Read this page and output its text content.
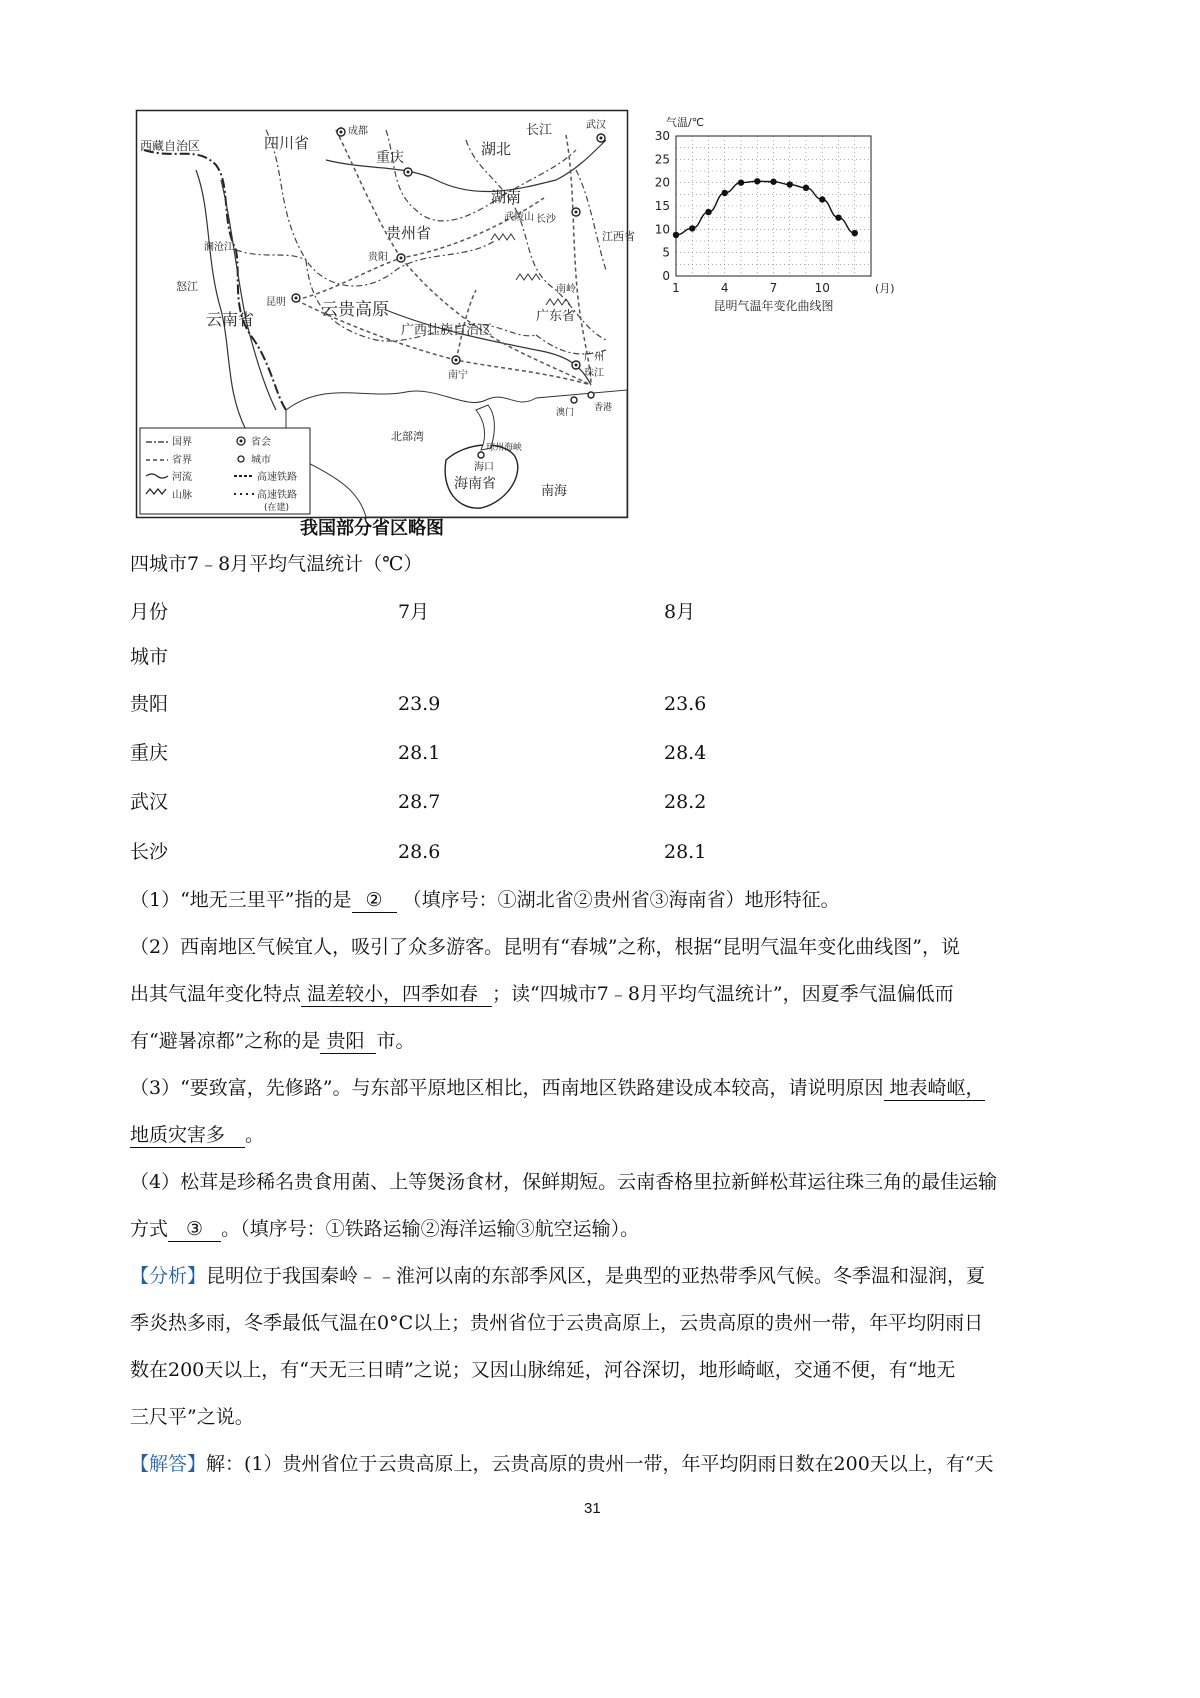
西藏自治区	四川省
成都
重庆	湖北
长江	武汉
湖南
长沙
贵州省
贵阳
云南省
昆明 云贵高原
广西壮族自治区
南宁
广东省
广州
珠江
澳门 香港
北部湾
海口
海南省
琼州海峡
南海
怒江
澜沧江
江西省
武陵山
南岭
国界	省会
省界	城市
河流	高速铁路
山脉	高速铁路
(在建)
我国部分省区略图
0
5
10
15
20
25
30
1	4	7	10
气温/℃
(月)
昆明气温年变化曲线图
四城市7﹣8月平均气温统计（℃）
月份	7月	8月
城市
贵阳	23.9	23.6
重庆	28.1	28.4
武汉	28.7	28.2
长沙	28.6	28.1
（1）“地无三里平”指的是 ② （填序号：①湖北省②贵州省③海南省）地形特征。
（2）西南地区气候宜人，吸引了众多游客。昆明有“春城”之称，根据“昆明气温年变化曲线图”，说
出其气温年变化特点 温差较小，四季如春 ；读“四城市7﹣8月平均气温统计”，因夏季气温偏低而
有“避暑凉都”之称的是 贵阳 市。
（3）“要致富，先修路”。与东部平原地区相比，西南地区铁路建设成本较高，请说明原因 地表崎岖，
地质灾害多 。
（4）松茸是珍稀名贵食用菌、上等煲汤食材，保鲜期短。云南香格里拉新鲜松茸运往珠三角的最佳运输
方式 ③ 。（填序号：①铁路运输②海洋运输③航空运输）。
【分析】昆明位于我国秦岭﹣﹣淮河以南的东部季风区，是典型的亚热带季风气候。冬季温和湿润，夏
季炎热多雨，冬季最低气温在0°C以上；贵州省位于云贵高原上，云贵高原的贵州一带，年平均阴雨日
数在200天以上，有“天无三日晴”之说；又因山脉绵延，河谷深切，地形崎岖，交通不便，有“地无
三尺平”之说。
【解答】解：(1）贵州省位于云贵高原上，云贵高原的贵州一带，年平均阴雨日数在200天以上，有“天
31
